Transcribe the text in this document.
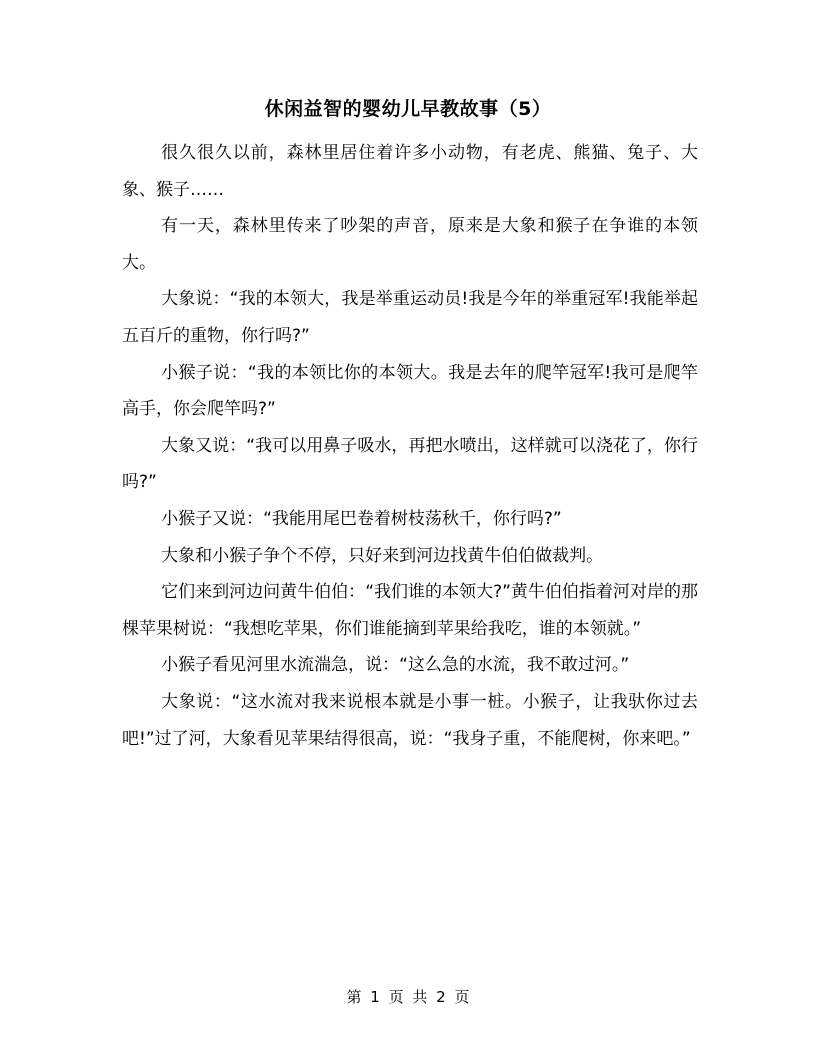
休闲益智的婴幼儿早教故事（5）

很久很久以前，森林里居住着许多小动物，有老虎、熊猫、兔子、大象、猴子……

有一天，森林里传来了吵架的声音，原来是大象和猴子在争谁的本领大。

大象说：“我的本领大，我是举重运动员!我是今年的举重冠军!我能举起五百斤的重物，你行吗?”

小猴子说：“我的本领比你的本领大。我是去年的爬竿冠军!我可是爬竿高手，你会爬竿吗?”

大象又说：“我可以用鼻子吸水，再把水喷出，这样就可以浇花了，你行吗?”

小猴子又说：“我能用尾巴卷着树枝荡秋千，你行吗?”

大象和小猴子争个不停，只好来到河边找黄牛伯伯做裁判。

它们来到河边问黄牛伯伯：“我们谁的本领大?”黄牛伯伯指着河对岸的那棵苹果树说：“我想吃苹果，你们谁能摘到苹果给我吃，谁的本领就。”

小猴子看见河里水流湍急，说：“这么急的水流，我不敢过河。”

大象说：“这水流对我来说根本就是小事一桩。小猴子，让我驮你过去吧!”过了河，大象看见苹果结得很高，说：“我身子重，不能爬树，你来吧。”

第 1 页 共 2 页
